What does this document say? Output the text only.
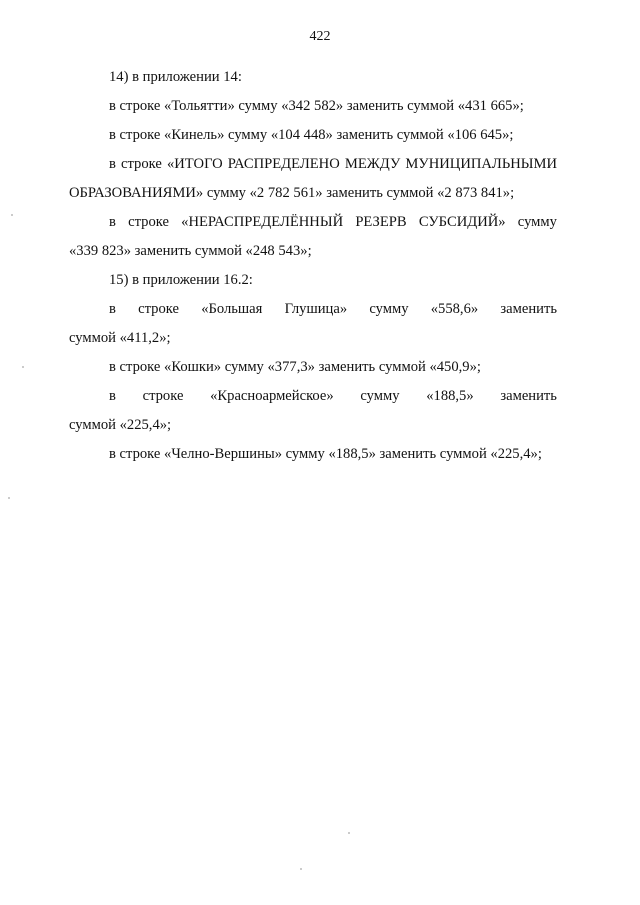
422
14) в приложении 14:
в строке «Тольятти» сумму «342 582» заменить суммой «431 665»;
в строке «Кинель» сумму «104 448» заменить суммой «106 645»;
в строке «ИТОГО РАСПРЕДЕЛЕНО МЕЖДУ МУНИЦИПАЛЬНЫМИ
ОБРАЗОВАНИЯМИ» сумму «2 782 561» заменить суммой «2 873 841»;
в строке «НЕРАСПРЕДЕЛЁННЫЙ РЕЗЕРВ СУБСИДИЙ» сумму
«339 823» заменить суммой «248 543»;
15) в приложении 16.2:
в строке «Большая Глушица» сумму «558,6» заменить
суммой «411,2»;
в строке «Кошки» сумму «377,3» заменить суммой «450,9»;
в строке «Красноармейское» сумму «188,5» заменить
суммой «225,4»;
в строке «Челно-Вершины» сумму «188,5» заменить суммой «225,4»;
